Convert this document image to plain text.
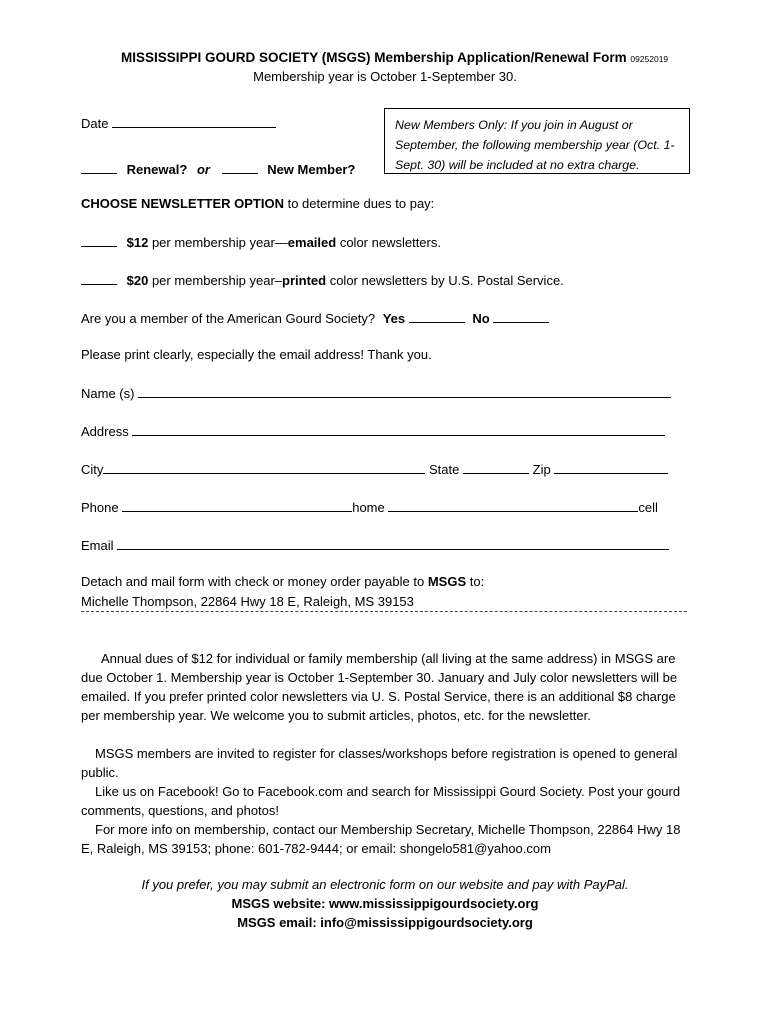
MISSISSIPPI GOURD SOCIETY (MSGS) Membership Application/Renewal Form 09252019
Membership year is October 1-September 30.
Date
Renewal? or	New Member?
New Members Only: If you join in August or September, the following membership year (Oct. 1-Sept. 30) will be included at no extra charge.
CHOOSE NEWSLETTER OPTION to determine dues to pay:
$12 per membership year—emailed color newsletters.
$20 per membership year–printed color newsletters by U.S. Postal Service.
Are you a member of the American Gourd Society? Yes	No
Please print clearly, especially the email address! Thank you.
Name (s)
Address
City	State	Zip
Phone	home	cell
Email
Detach and mail form with check or money order payable to MSGS to:
Michelle Thompson, 22864 Hwy 18 E, Raleigh, MS 39153
Annual dues of $12 for individual or family membership (all living at the same address) in MSGS are due October 1. Membership year is October 1-September 30. January and July color newsletters will be emailed. If you prefer printed color newsletters via U. S. Postal Service, there is an additional $8 charge per membership year. We welcome you to submit articles, photos, etc. for the newsletter.
MSGS members are invited to register for classes/workshops before registration is opened to general public.
Like us on Facebook! Go to Facebook.com and search for Mississippi Gourd Society. Post your gourd comments, questions, and photos!
For more info on membership, contact our Membership Secretary, Michelle Thompson, 22864 Hwy 18 E, Raleigh, MS 39153; phone: 601-782-9444; or email: shongelo581@yahoo.com
If you prefer, you may submit an electronic form on our website and pay with PayPal.
MSGS website: www.mississippigourdsociety.org
MSGS email: info@mississippigourdsociety.org
